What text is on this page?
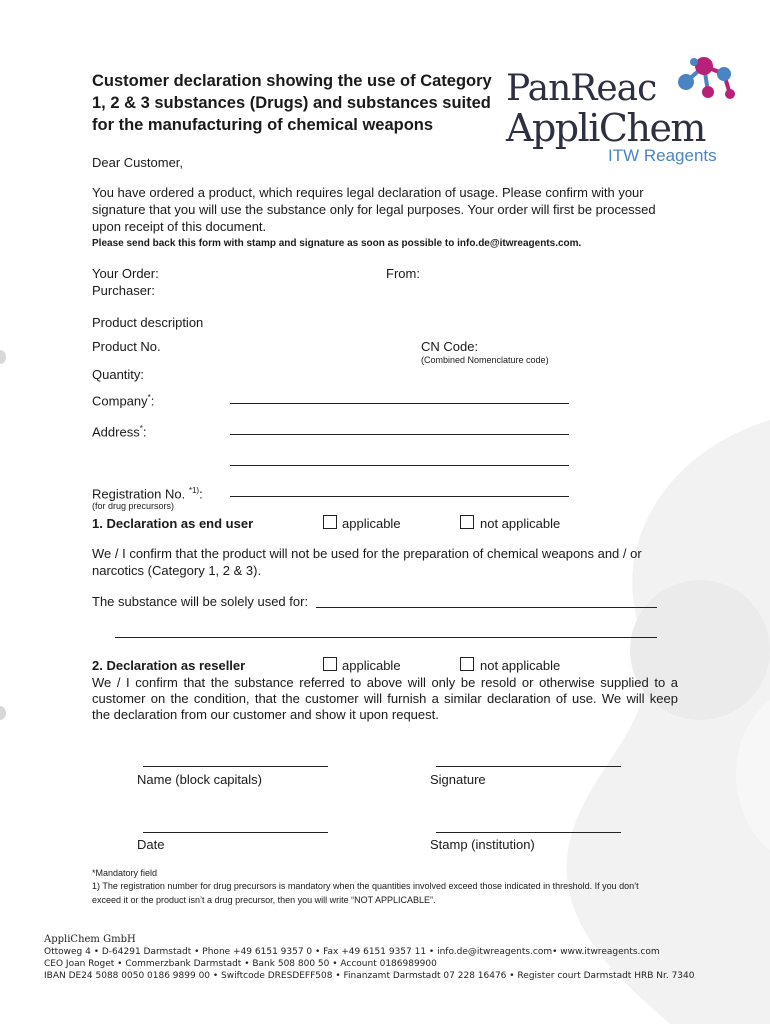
Customer declaration showing the use of Category
1, 2 & 3 substances (Drugs) and substances suited
for the manufacturing of chemical weapons
PanReac
AppliChem
ITW Reagents
Dear Customer,
You have ordered a product, which requires legal declaration of usage. Please confirm with your
signature that you will use the substance only for legal purposes. Your order will first be processed
upon receipt of this document.
Please send back this form with stamp and signature as soon as possible to info.de@itwreagents.com.
Your Order:	From:
Purchaser:
Product description
Product No.	CN Code:
(Combined Nomenclature code)
Quantity:
Company*:
Address*:
Registration No. $^{*1)}$:
(for drug precursors)
1. Declaration as end user	applicable	not applicable
We / I confirm that the product will not be used for the preparation of chemical weapons and / or
narcotics (Category 1, 2 & 3).
The substance will be solely used for:
2. Declaration as reseller	applicable	not applicable
We / I confirm that the substance referred to above will only be resold or otherwise supplied to a
customer on the condition, that the customer will furnish a similar declaration of use. We will keep
the declaration from our customer and show it upon request.
Name (block capitals)	Signature
Date	Stamp (institution)
*Mandatory field
1) The registration number for drug precursors is mandatory when the quantities involved exceed those indicated in threshold. If you don’t
exceed it or the product isn’t a drug precursor, then you will write “NOT APPLICABLE”.
AppliChem GmbH
Ottoweg 4 • D-64291 Darmstadt • Phone +49 6151 9357 0 • Fax +49 6151 9357 11 • info.de@itwreagents.com• www.itwreagents.com
CEO Joan Roget • Commerzbank Darmstadt • Bank 508 800 50 • Account 0186989900
IBAN DE24 5088 0050 0186 9899 00 • Swiftcode DRESDEFF508 • Finanzamt Darmstadt 07 228 16476 • Register court Darmstadt HRB Nr. 7340
